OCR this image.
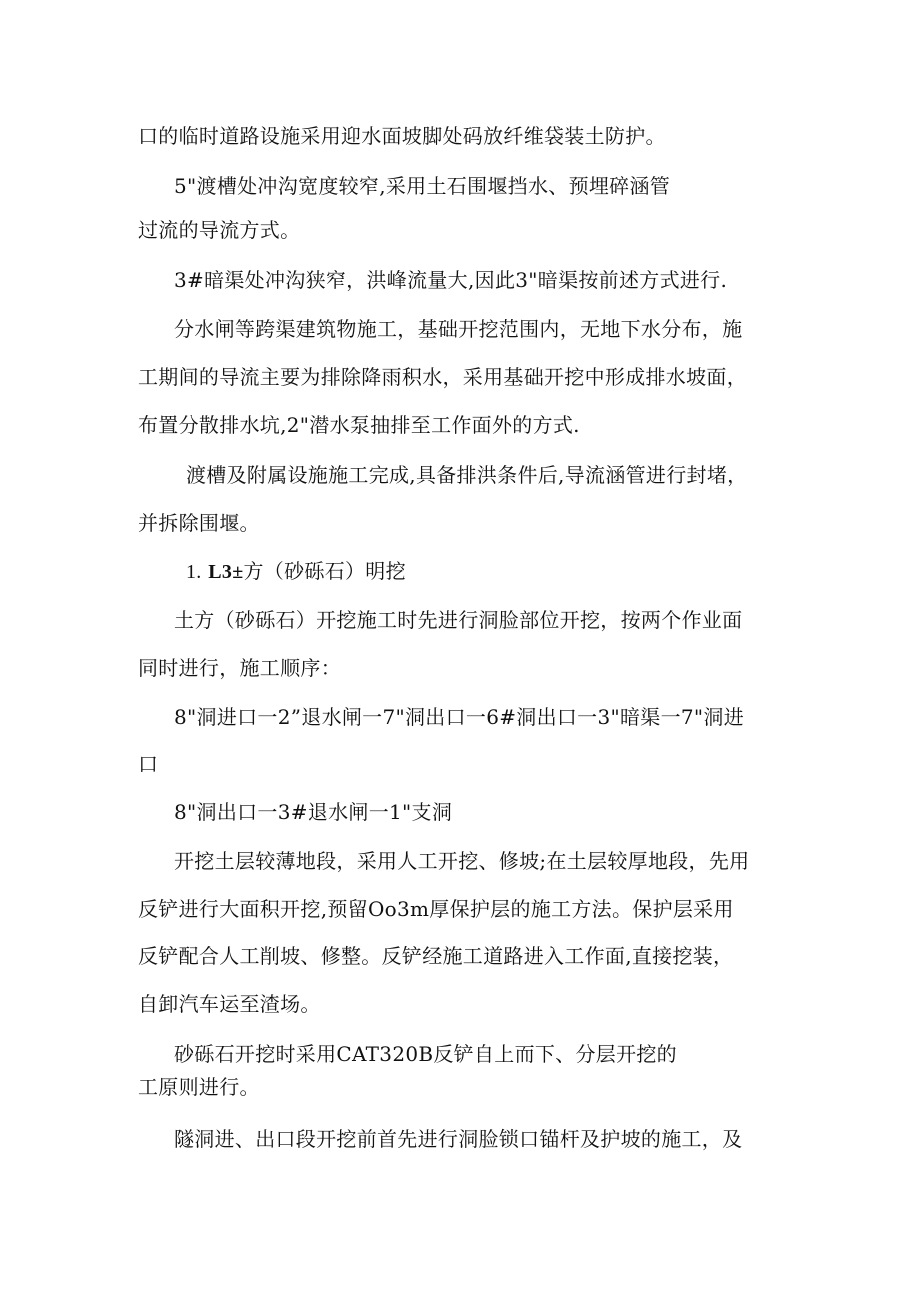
口的临时道路设施采用迎水面坡脚处码放纤维袋装土防护。
5"渡槽处冲沟宽度较窄,采用土石围堰挡水、预埋碎涵管
过流的导流方式。
3#暗渠处冲沟狭窄，洪峰流量大,因此3"暗渠按前述方式进行.
分水闸等跨渠建筑物施工，基础开挖范围内，无地下水分布，施
工期间的导流主要为排除降雨积水，采用基础开挖中形成排水坡面，
布置分散排水坑,2"潜水泵抽排至工作面外的方式.
渡槽及附属设施施工完成,具备排洪条件后,导流涵管进行封堵，
并拆除围堰。
1. L3±方（砂砾石）明挖
土方（砂砾石）开挖施工时先进行洞脸部位开挖，按两个作业面
同时进行，施工顺序：
8"洞进口一2”退水闸一7"洞出口一6#洞出口一3"暗渠一7"洞进
口
8"洞出口一3#退水闸一1"支洞
开挖土层较薄地段，采用人工开挖、修坡;在土层较厚地段，先用
反铲进行大面积开挖,预留Oo3m厚保护层的施工方法。保护层采用
反铲配合人工削坡、修整。反铲经施工道路进入工作面,直接挖装，
自卸汽车运至渣场。
砂砾石开挖时采用CAT320B反铲自上而下、分层开挖的
工原则进行。
隧洞进、出口段开挖前首先进行洞脸锁口锚杆及护坡的施工，及
